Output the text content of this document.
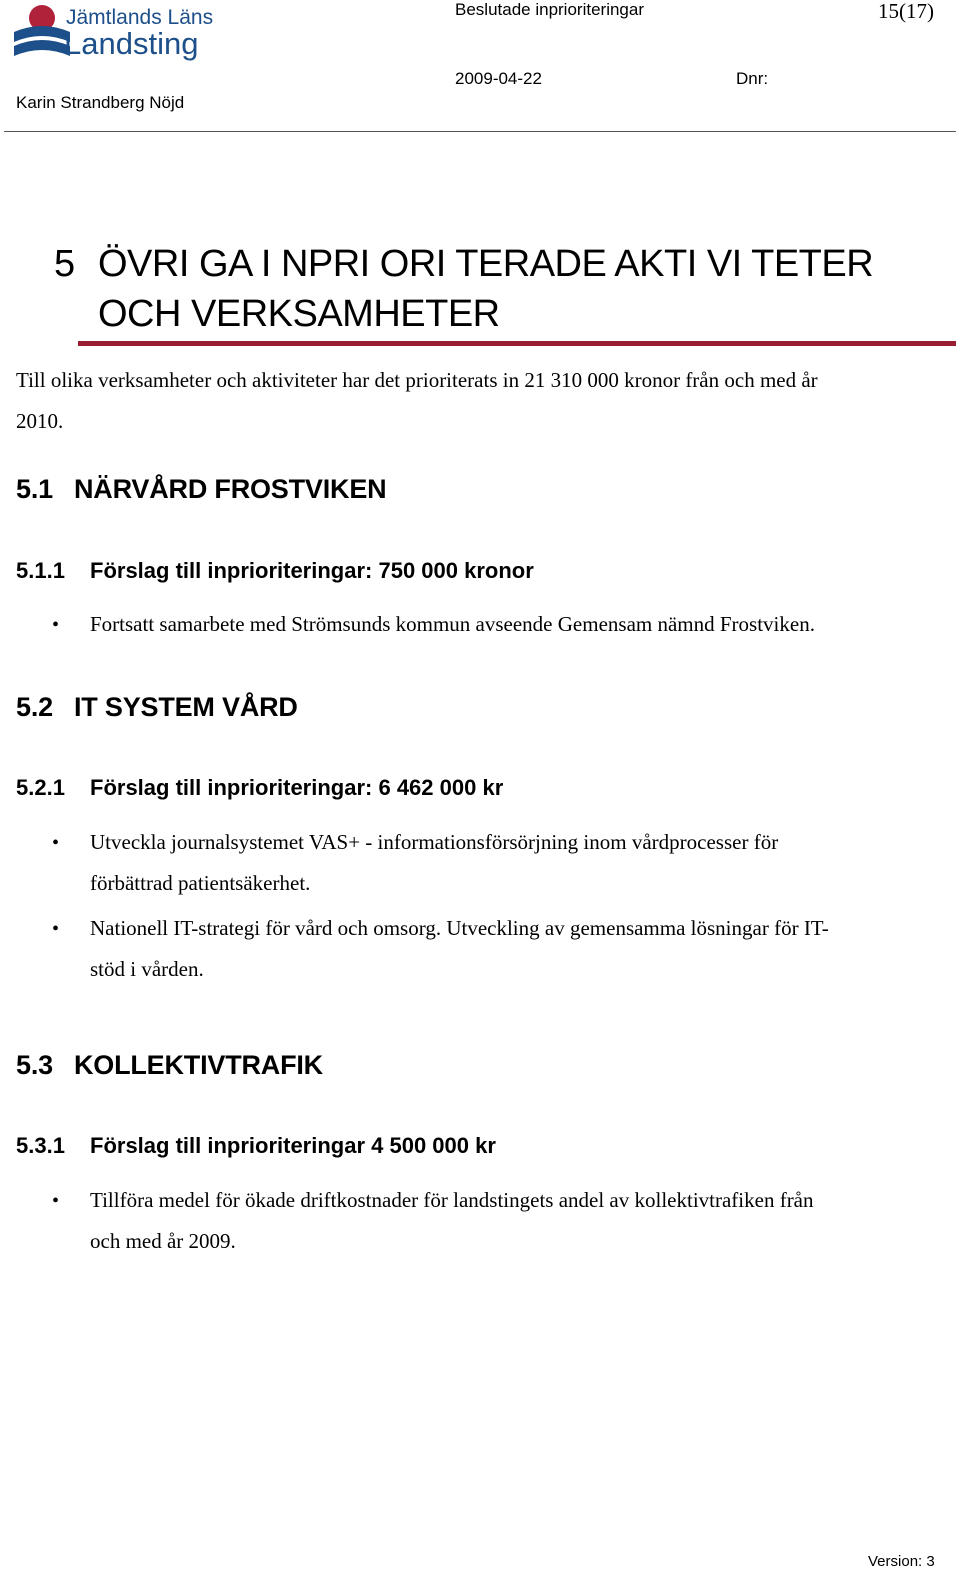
Jämtlands Läns
Landsting
Beslutade inprioriteringar	15(17)
2009-04-22	Dnr:
Karin Strandberg Nöjd
5 ÖVRI GA I NPRI ORI TERADE AKTI VI TETER
OCH VERKSAMHETER
Till olika verksamheter och aktiviteter har det prioriterats in 21 310 000 kronor från och med år
2010.
5.1 NÄRVÅRD FROSTVIKEN
5.1.1 Förslag till inprioriteringar: 750 000 kronor
•	Fortsatt samarbete med Strömsunds kommun avseende Gemensam nämnd Frostviken.
5.2 IT SYSTEM VÅRD
5.2.1 Förslag till inprioriteringar: 6 462 000 kr
•	Utveckla journalsystemet VAS+ - informationsförsörjning inom vårdprocesser för
förbättrad patientsäkerhet.
•	Nationell IT-strategi för vård och omsorg. Utveckling av gemensamma lösningar för IT-
stöd i vården.
5.3 KOLLEKTIVTRAFIK
5.3.1 Förslag till inprioriteringar 4 500 000 kr
•	Tillföra medel för ökade driftkostnader för landstingets andel av kollektivtrafiken från
och med år 2009.
Version: 3
